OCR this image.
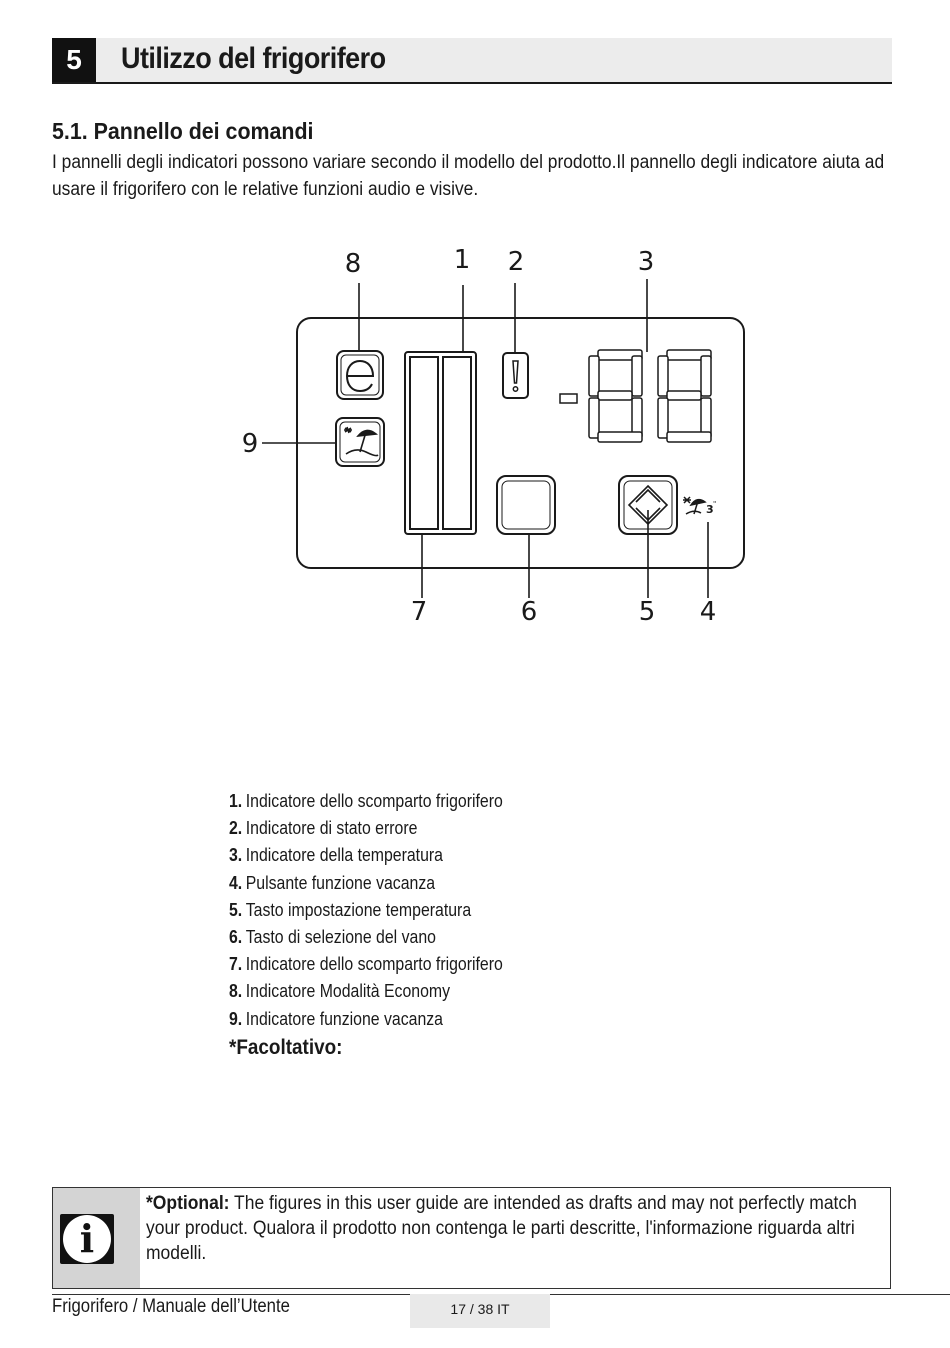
5	Utilizzo del frigorifero
5.1. Pannello dei comandi
I pannelli degli indicatori possono variare secondo il modello del prodotto.Il pannello degli indicatore aiuta ad usare il frigorifero con le relative funzioni audio e visive.
3 "
1 2	3
4
5
6
7
8
9
1. Indicatore dello scomparto frigorifero
2. Indicatore di stato errore
3. Indicatore della temperatura
4. Pulsante funzione vacanza
5. Tasto impostazione temperatura
6. Tasto di selezione del vano
7. Indicatore dello scomparto frigorifero
8. Indicatore Modalità Economy
9. Indicatore funzione vacanza
*Facoltativo:
i
*Optional: The figures in this user guide are intended as drafts and may not perfectly match your product. Qualora il prodotto non contenga le parti descritte, l'informazione riguarda altri modelli.
Frigorifero / Manuale dell’Utente	17 / 38 IT
